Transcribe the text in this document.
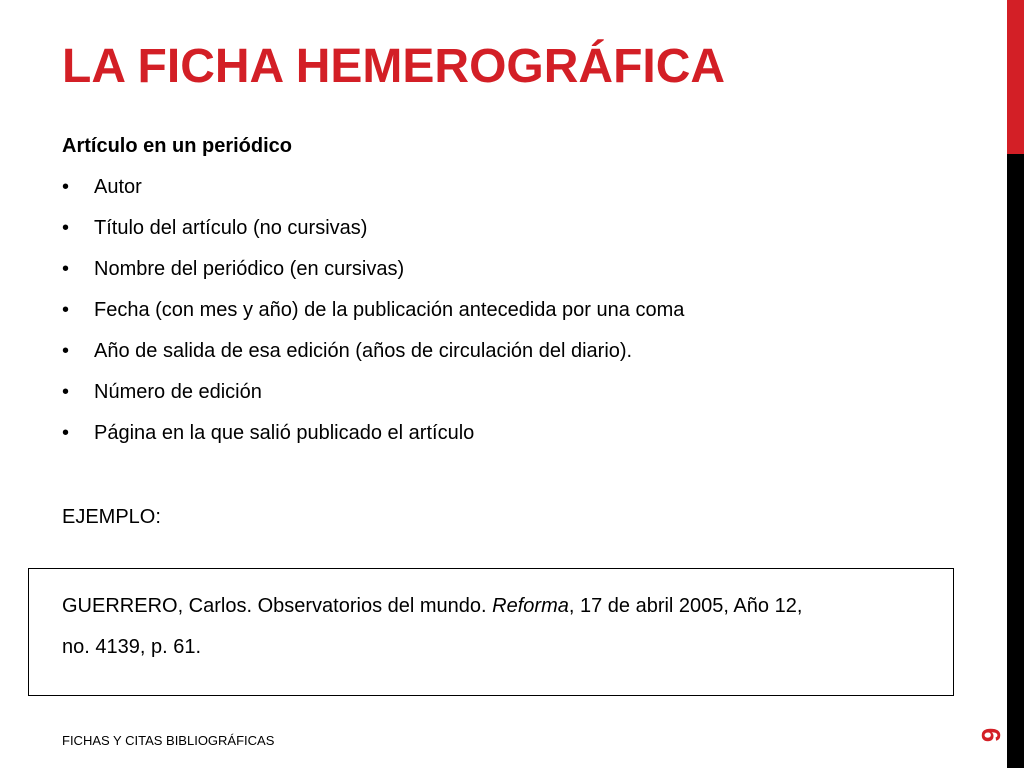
LA FICHA HEMEROGRÁFICA
Artículo en un periódico
•	Autor
•	Título del artículo (no cursivas)
•	Nombre del periódico (en cursivas)
•	Fecha (con mes y año) de la publicación antecedida por una coma
•	Año de salida de esa edición (años de circulación del diario).
•	Número de edición
•	Página en la que salió publicado el artículo
EJEMPLO:
GUERRERO, Carlos. Observatorios del mundo. Reforma, 17 de abril 2005, Año 12,
no. 4139, p. 61.
FICHAS Y CITAS BIBLIOGRÁFICAS	6
